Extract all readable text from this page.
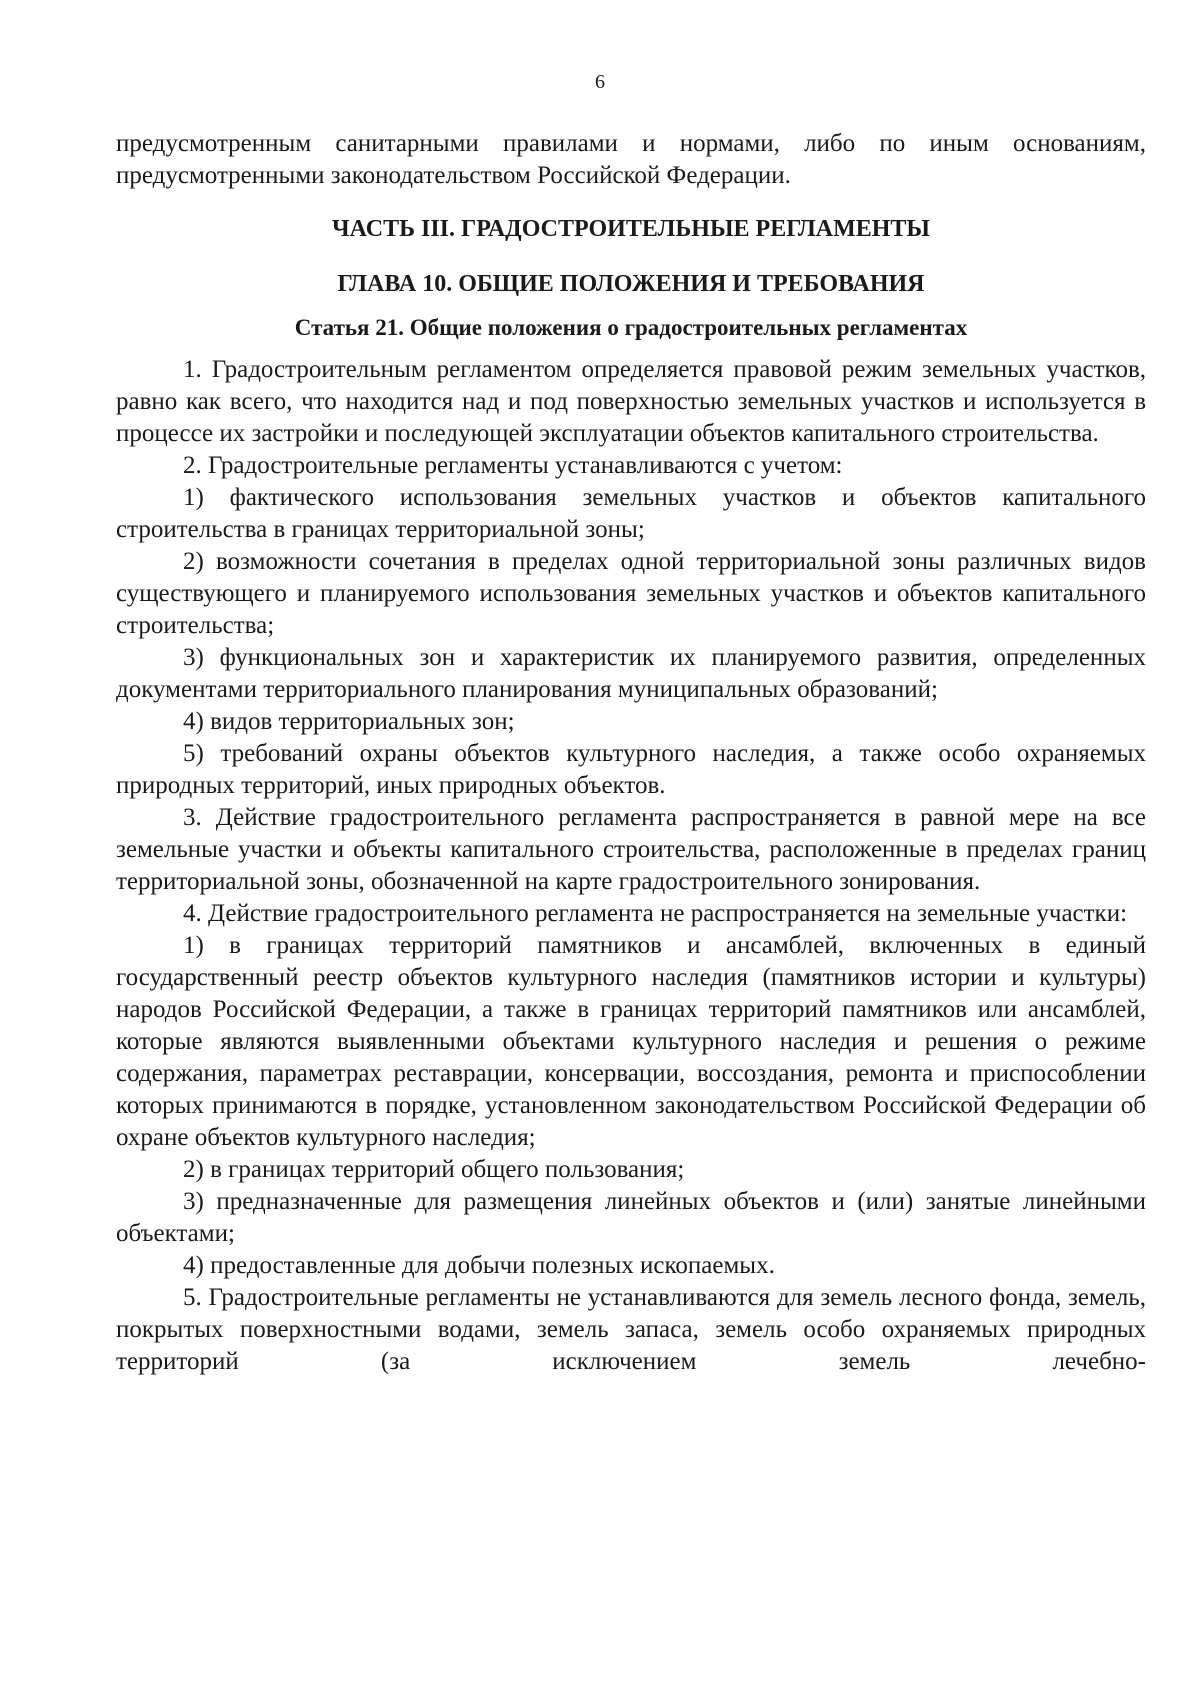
6

предусмотренным санитарными правилами и нормами, либо по иным основаниям, предусмотренными законодательством Российской Федерации.

ЧАСТЬ III. ГРАДОСТРОИТЕЛЬНЫЕ РЕГЛАМЕНТЫ
ГЛАВА 10. ОБЩИЕ ПОЛОЖЕНИЯ И ТРЕБОВАНИЯ
Статья 21. Общие положения о градостроительных регламентах

1. Градостроительным регламентом определяется правовой режим земельных участков, равно как всего, что находится над и под поверхностью земельных участков и используется в процессе их застройки и последующей эксплуатации объектов капитального строительства.

2. Градостроительные регламенты устанавливаются с учетом:

1) фактического использования земельных участков и объектов капитального строительства в границах территориальной зоны;

2) возможности сочетания в пределах одной территориальной зоны различных видов существующего и планируемого использования земельных участков и объектов капитального строительства;

3) функциональных зон и характеристик их планируемого развития, определенных документами территориального планирования муниципальных образований;

4) видов территориальных зон;

5) требований охраны объектов культурного наследия, а также особо охраняемых природных территорий, иных природных объектов.

3. Действие градостроительного регламента распространяется в равной мере на все земельные участки и объекты капитального строительства, расположенные в пределах границ территориальной зоны, обозначенной на карте градостроительного зонирования.

4. Действие градостроительного регламента не распространяется на земельные участки:

1) в границах территорий памятников и ансамблей, включенных в единый государственный реестр объектов культурного наследия (памятников истории и культуры) народов Российской Федерации, а также в границах территорий памятников или ансамблей, которые являются выявленными объектами культурного наследия и решения о режиме содержания, параметрах реставрации, консервации, воссоздания, ремонта и приспособлении которых принимаются в порядке, установленном законодательством Российской Федерации об охране объектов культурного наследия;

2) в границах территорий общего пользования;

3) предназначенные для размещения линейных объектов и (или) занятые линейными объектами;

4) предоставленные для добычи полезных ископаемых.

5. Градостроительные регламенты не устанавливаются для земель лесного фонда, земель, покрытых поверхностными водами, земель запаса, земель особо охраняемых природных территорий (за исключением земель лечебно-
